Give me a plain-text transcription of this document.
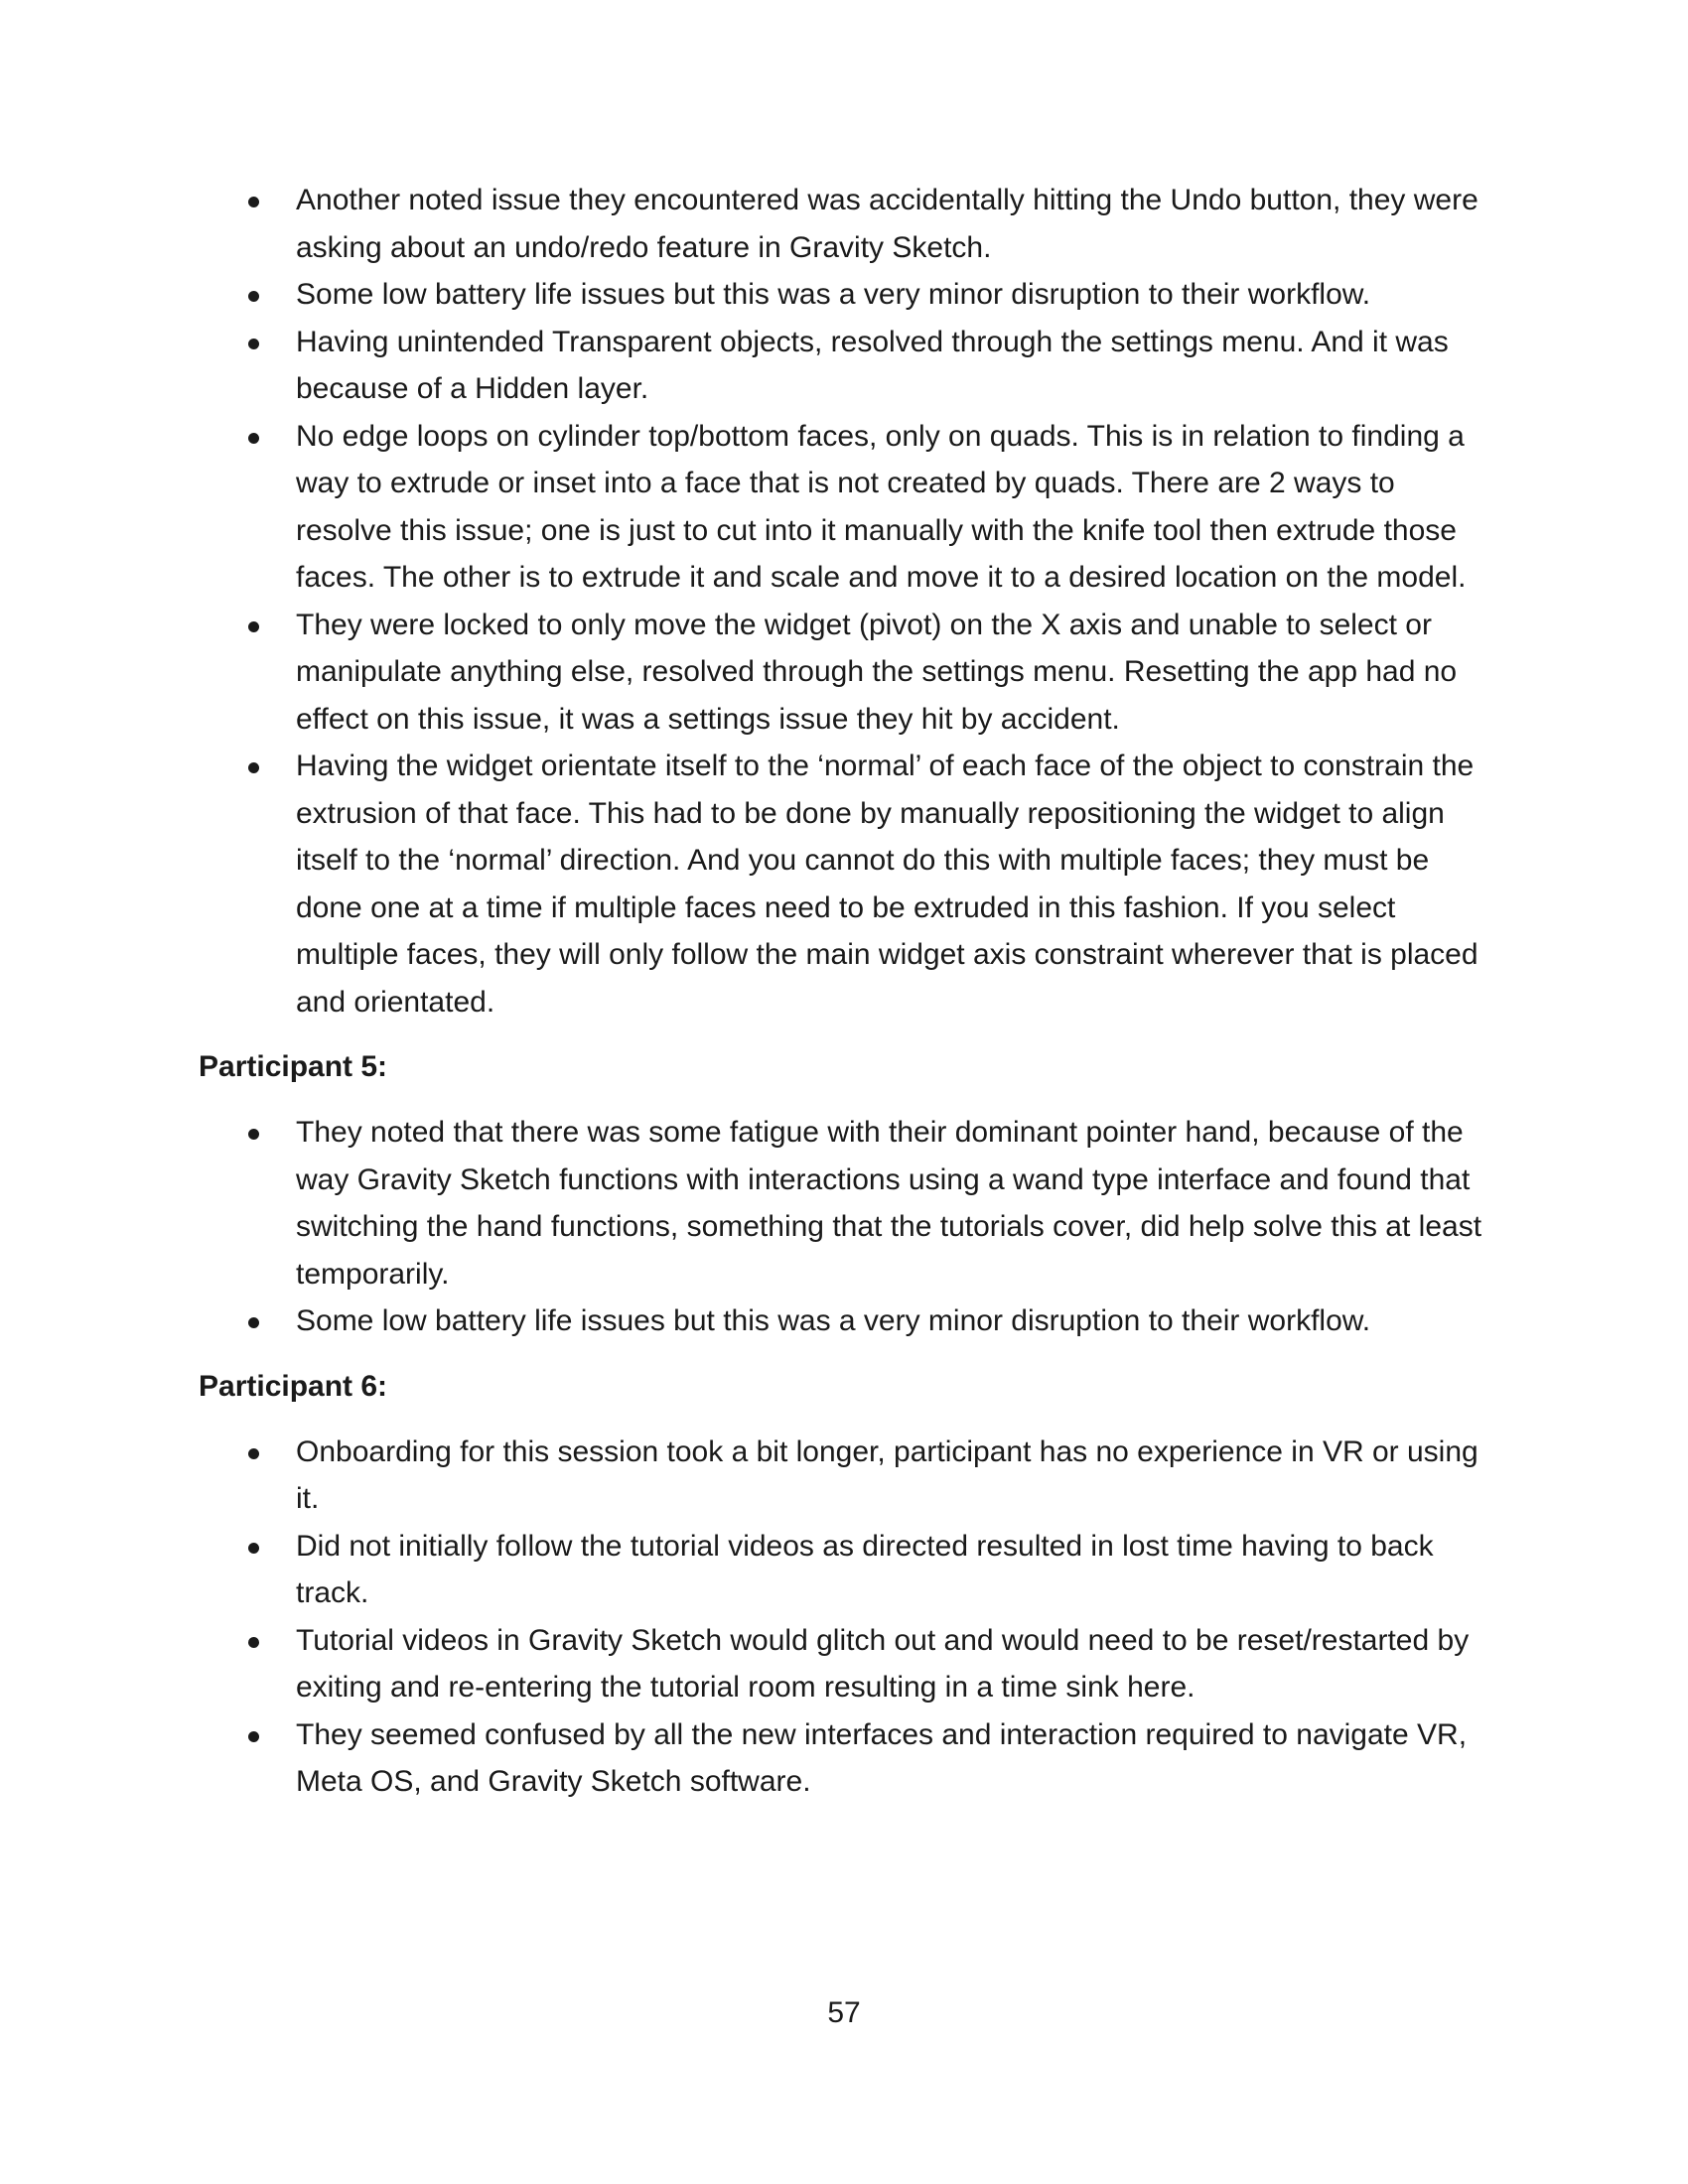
Another noted issue they encountered was accidentally hitting the Undo button, they were asking about an undo/redo feature in Gravity Sketch.
Some low battery life issues but this was a very minor disruption to their workflow.
Having unintended Transparent objects, resolved through the settings menu. And it was because of a Hidden layer.
No edge loops on cylinder top/bottom faces, only on quads. This is in relation to finding a way to extrude or inset into a face that is not created by quads. There are 2 ways to resolve this issue; one is just to cut into it manually with the knife tool then extrude those faces. The other is to extrude it and scale and move it to a desired location on the model.
They were locked to only move the widget (pivot) on the X axis and unable to select or manipulate anything else, resolved through the settings menu. Resetting the app had no effect on this issue, it was a settings issue they hit by accident.
Having the widget orientate itself to the ‘normal’ of each face of the object to constrain the extrusion of that face. This had to be done by manually repositioning the widget to align itself to the ‘normal’ direction. And you cannot do this with multiple faces; they must be done one at a time if multiple faces need to be extruded in this fashion. If you select multiple faces, they will only follow the main widget axis constraint wherever that is placed and orientated.
Participant 5:
They noted that there was some fatigue with their dominant pointer hand, because of the way Gravity Sketch functions with interactions using a wand type interface and found that switching the hand functions, something that the tutorials cover, did help solve this at least temporarily.
Some low battery life issues but this was a very minor disruption to their workflow.
Participant 6:
Onboarding for this session took a bit longer, participant has no experience in VR or using it.
Did not initially follow the tutorial videos as directed resulted in lost time having to back track.
Tutorial videos in Gravity Sketch would glitch out and would need to be reset/restarted by exiting and re-entering the tutorial room resulting in a time sink here.
They seemed confused by all the new interfaces and interaction required to navigate VR, Meta OS, and Gravity Sketch software.
57
